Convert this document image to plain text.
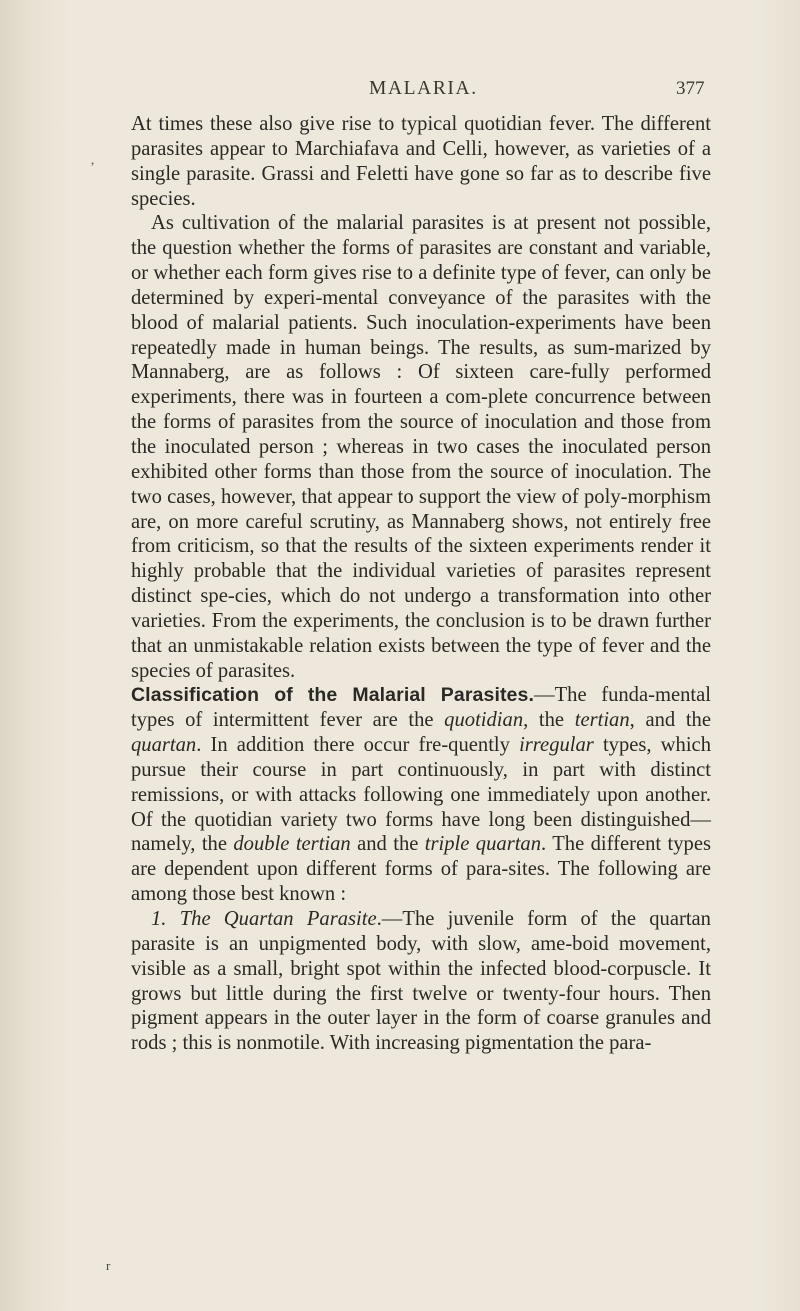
MALARIA.	377

At times these also give rise to typical quotidian fever. The different parasites appear to Marchiafava and Celli, however, as varieties of a single parasite. Grassi and Feletti have gone so far as to describe five species.

As cultivation of the malarial parasites is at present not possible, the question whether the forms of parasites are constant and variable, or whether each form gives rise to a definite type of fever, can only be determined by experi-mental conveyance of the parasites with the blood of malarial patients. Such inoculation-experiments have been repeatedly made in human beings. The results, as sum-marized by Mannaberg, are as follows : Of sixteen care-fully performed experiments, there was in fourteen a com-plete concurrence between the forms of parasites from the source of inoculation and those from the inoculated person ; whereas in two cases the inoculated person exhibited other forms than those from the source of inoculation. The two cases, however, that appear to support the view of poly-morphism are, on more careful scrutiny, as Mannaberg shows, not entirely free from criticism, so that the results of the sixteen experiments render it highly probable that the individual varieties of parasites represent distinct spe-cies, which do not undergo a transformation into other varieties. From the experiments, the conclusion is to be drawn further that an unmistakable relation exists between the type of fever and the species of parasites.

Classification of the Malarial Parasites.—The funda-mental types of intermittent fever are the quotidian, the tertian, and the quartan. In addition there occur fre-quently irregular types, which pursue their course in part continuously, in part with distinct remissions, or with attacks following one immediately upon another. Of the quotidian variety two forms have long been distinguished—namely, the double tertian and the triple quartan. The different types are dependent upon different forms of para-sites. The following are among those best known :

1. The Quartan Parasite.—The juvenile form of the quartan parasite is an unpigmented body, with slow, ame-boid movement, visible as a small, bright spot within the infected blood-corpuscle. It grows but little during the first twelve or twenty-four hours. Then pigment appears in the outer layer in the form of coarse granules and rods ; this is nonmotile. With increasing pigmentation the para-

,
r
